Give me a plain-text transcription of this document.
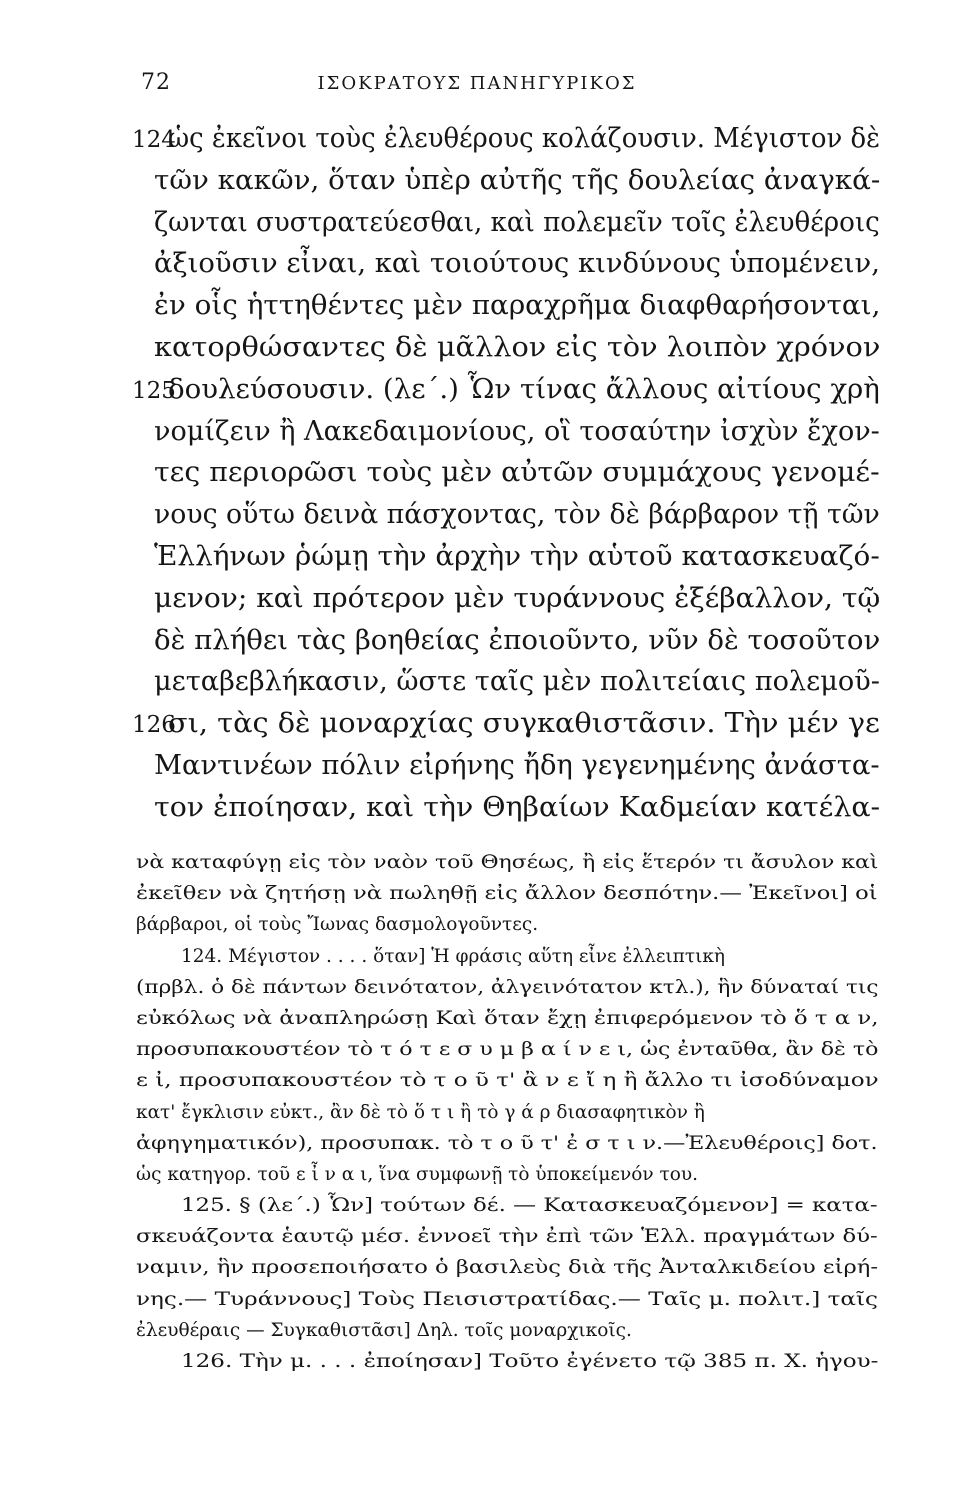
72	ΙΣΟΚΡΑΤΟΥΣ ΠΑΝΗΓΥΡΙΚΟΣ
124
ὡς ἐκεῖνοι τοὺς ἐλευθέρους κολάζουσιν. Μέγιστον δὲ
τῶν κακῶν, ὅταν ὑπὲρ αὐτῆς τῆς δουλείας ἀναγκά-
ζωνται συστρατεύεσθαι, καὶ πολεμεῖν τοῖς ἐλευθέροις
ἀξιοῦσιν εἶναι, καὶ τοιούτους κινδύνους ὑπομένειν,
ἐν οἷς ἡττηθέντες μὲν παραχρῆμα διαφθαρήσονται,
κατορθώσαντες δὲ μᾶλλον εἰς τὸν λοιπὸν χρόνον
125
δουλεύσουσιν. (λε΄.) Ὧν τίνας ἄλλους αἰτίους χρὴ
νομίζειν ἢ Λακεδαιμονίους, οἳ τοσαύτην ἰσχὺν ἔχον-
τες περιορῶσι τοὺς μὲν αὐτῶν συμμάχους γενομέ-
νους οὕτω δεινὰ πάσχοντας, τὸν δὲ βάρβαρον τῇ τῶν
Ἑλλήνων ῥώμῃ τὴν ἀρχὴν τὴν αὑτοῦ κατασκευαζό-
μενον; καὶ πρότερον μὲν τυράννους ἐξέβαλλον, τῷ
δὲ πλήθει τὰς βοηθείας ἐποιοῦντο, νῦν δὲ τοσοῦτον
μεταβεβλήκασιν, ὥστε ταῖς μὲν πολιτείαις πολεμοῦ-
126
σι, τὰς δὲ μοναρχίας συγκαθιστᾶσιν. Τὴν μέν γε
Μαντινέων πόλιν εἰρήνης ἤδη γεγενημένης ἀνάστα-
τον ἐποίησαν, καὶ τὴν Θηβαίων Καδμείαν κατέλα-
νὰ καταφύγῃ εἰς τὸν ναὸν τοῦ Θησέως, ἢ εἰς ἕτερόν τι ἄσυλον καὶ
ἐκεῖθεν νὰ ζητήσῃ νὰ πωληθῇ εἰς ἄλλον δεσπότην.— Ἐκεῖνοι] οἱ
βάρβαροι, οἱ τοὺς Ἴωνας δασμολογοῦντες.
124. Μέγιστον . . . . ὅταν] Ἡ φράσις αὕτη εἶνε ἐλλειπτικὴ
(πρβλ. ὁ δὲ πάντων δεινότατον, ἀλγεινότατον κτλ.), ἣν δύναταί τις
εὐκόλως νὰ ἀναπληρώσῃ Καὶ ὅταν ἔχῃ ἐπιφερόμενον τὸ ὅ τ α ν,
προσυπακουστέον τὸ τ ό τ ε σ υ μ β α ί ν ε ι, ὡς ἐνταῦθα, ἂν δὲ τὸ
ε ἰ, προσυπακουστέον τὸ τ ο ῦ τ' ἂ ν ε ἴ η ἢ ἄλλο τι ἰσοδύναμον
κατ' ἔγκλισιν εὐκτ., ἂν δὲ τὸ ὅ τ ι ἢ τὸ γ ά ρ διασαφητικὸν ἢ
ἀφηγηματικόν), προσυπακ. τὸ τ ο ῦ τ' ἐ σ τ ι ν.—Ἐλευθέροις] δοτ.
ὡς κατηγορ. τοῦ ε ἶ ν α ι, ἵνα συμφωνῇ τὸ ὑποκείμενόν του.
125. § (λε΄.) Ὧν] τούτων δέ. — Κατασκευαζόμενον] = κατα-
σκευάζοντα ἑαυτῷ μέσ. ἐννοεῖ τὴν ἐπὶ τῶν Ἑλλ. πραγμάτων δύ-
ναμιν, ἣν προσεποιήσατο ὁ βασιλεὺς διὰ τῆς Ἀνταλκιδείου εἰρή-
νης.— Τυράννους] Τοὺς Πεισιστρατίδας.— Ταῖς μ. πολιτ.] ταῖς
ἐλευθέραις — Συγκαθιστᾶσι] Δηλ. τοῖς μοναρχικοῖς.
126. Τὴν μ. . . . ἐποίησαν] Τοῦτο ἐγένετο τῷ 385 π. Χ. ἡγου-
